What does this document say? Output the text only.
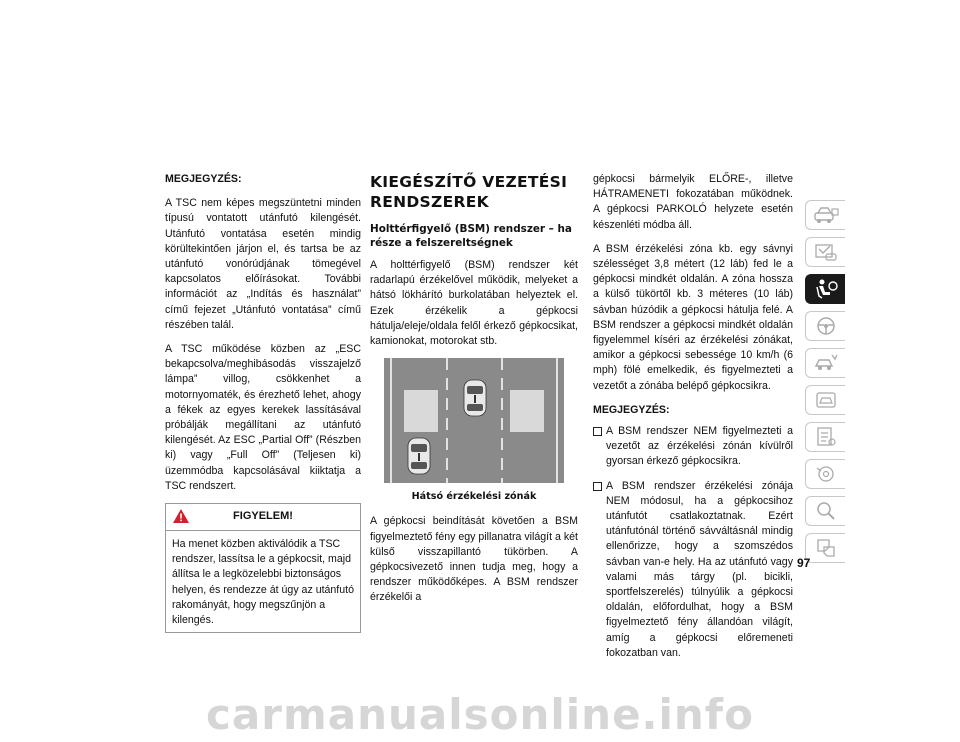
MEGJEGYZÉS:

A TSC nem képes megszüntetni minden típusú vontatott utánfutó kilengését. Utánfutó vontatása esetén mindig körültekintően járjon el, és tartsa be az utánfutó vonórúdjának tömegével kapcsolatos előírásokat. További információt az „Indítás és használat” című fejezet „Utánfutó vontatása” című részében talál.

A TSC működése közben az „ESC bekapcsolva/meghibásodás visszajelző lámpa” villog, csökkenhet a motornyomaték, és érezhető lehet, ahogy a fékek az egyes kerekek lassításával próbálják megállítani az utánfutó kilengését. Az ESC „Partial Off” (Részben ki) vagy „Full Off” (Teljesen ki) üzemmódba kapcsolásával kiiktatja a TSC rendszert.

FIGYELEM!

Ha menet közben aktiválódik a TSC rendszer, lassítsa le a gépkocsit, majd állítsa le a legközelebbi biztonságos helyen, és rendezze át úgy az utánfutó rakományát, hogy megszűnjön a kilengés.

KIEGÉSZÍTŐ VEZETÉSI RENDSZEREK
Holttérfigyelő (BSM) rendszer – ha része a felszereltségnek

A holttérfigyelő (BSM) rendszer két radarlapú érzékelővel működik, melyeket a hátsó lökhárító burkolatában helyeztek el. Ezek érzékelik a gépkocsi hátulja/eleje/oldala felől érkező gépkocsikat, kamionokat, motorokat stb.

Hátsó érzékelési zónák

A gépkocsi beindítását követően a BSM figyelmeztető fény egy pillanatra világít a két külső visszapillantó tükörben. A gépkocsivezető innen tudja meg, hogy a rendszer működőképes. A BSM rendszer érzékelői a

gépkocsi bármelyik ELŐRE-, illetve HÁTRAMENETI fokozatában működnek. A gépkocsi PARKOLÓ helyzete esetén készenléti módba áll.

A BSM érzékelési zóna kb. egy sávnyi szélességet 3,8 métert (12 láb) fed le a gépkocsi mindkét oldalán. A zóna hossza a külső tükörtől kb. 3 méteres (10 láb) sávban húzódik a gépkocsi hátulja felé. A BSM rendszer a gépkocsi mindkét oldalán figyelemmel kíséri az érzékelési zónákat, amikor a gépkocsi sebessége 10 km/h (6 mph) fölé emelkedik, és figyelmezteti a vezetőt a zónába belépő gépkocsikra.

MEGJEGYZÉS:

A BSM rendszer NEM figyelmezteti a vezetőt az érzékelési zónán kívülről gyorsan érkező gépkocsikra.
A BSM rendszer érzékelési zónája NEM módosul, ha a gépkocsihoz utánfutót csatlakoztatnak. Ezért utánfutónál történő sávváltásnál mindig ellenőrizze, hogy a szomszédos sávban van-e hely. Ha az utánfutó vagy valami más tárgy (pl. bicikli, sportfelszerelés) túlnyúlik a gépkocsi oldalán, előfordulhat, hogy a BSM figyelmeztető fény állandóan világít, amíg a gépkocsi előremeneti fokozatban van.
97
carmanualsonline.info
